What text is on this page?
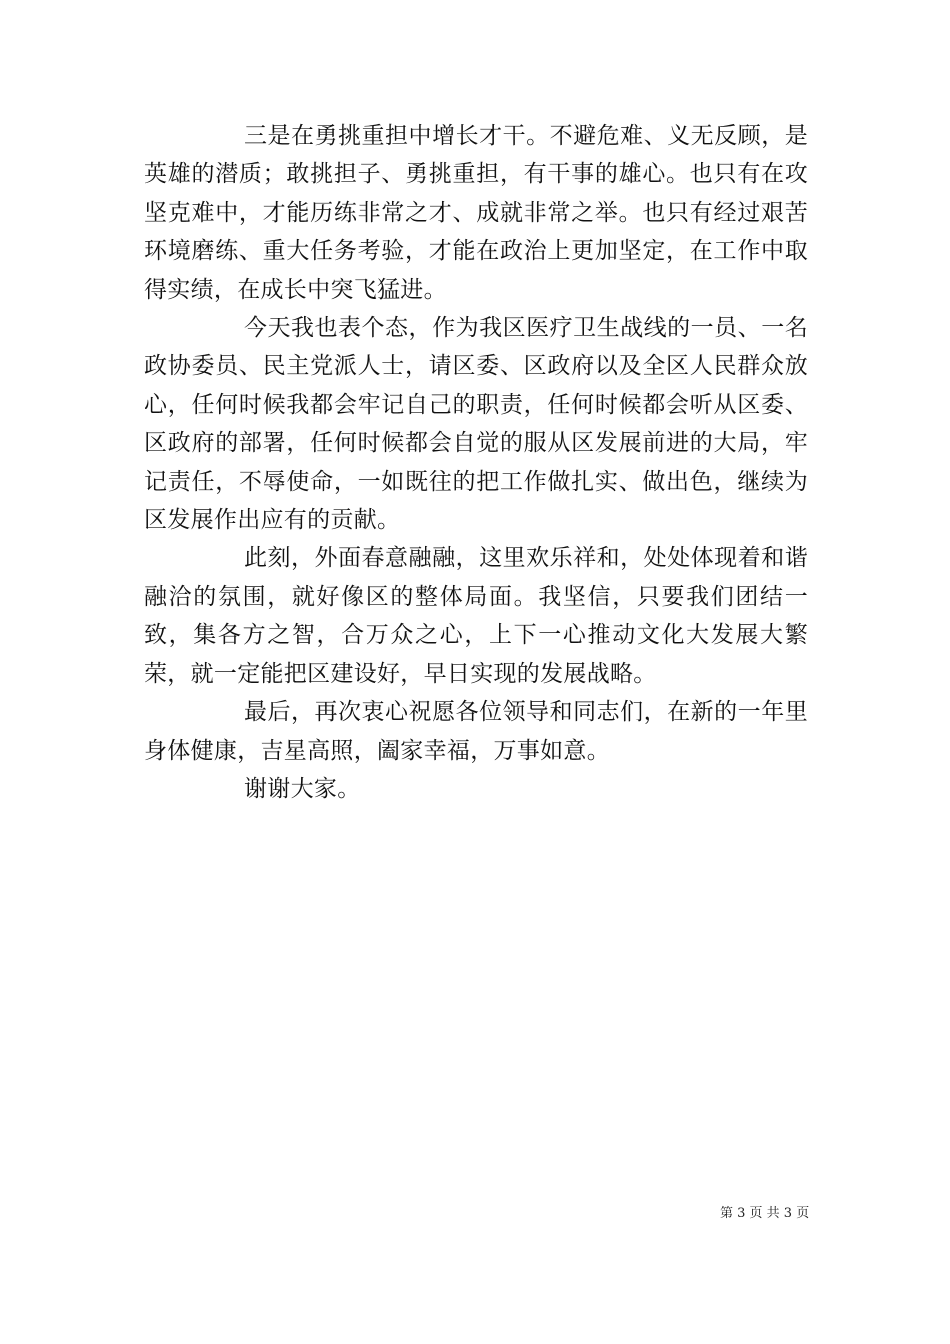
三是在勇挑重担中增长才干。不避危难、义无反顾，是英雄的潜质；敢挑担子、勇挑重担，有干事的雄心。也只有在攻坚克难中，才能历练非常之才、成就非常之举。也只有经过艰苦环境磨练、重大任务考验，才能在政治上更加坚定，在工作中取得实绩，在成长中突飞猛进。

今天我也表个态，作为我区医疗卫生战线的一员、一名政协委员、民主党派人士，请区委、区政府以及全区人民群众放心，任何时候我都会牢记自己的职责，任何时候都会听从区委、区政府的部署，任何时候都会自觉的服从区发展前进的大局，牢记责任，不辱使命，一如既往的把工作做扎实、做出色，继续为区发展作出应有的贡献。

此刻，外面春意融融，这里欢乐祥和，处处体现着和谐融洽的氛围，就好像区的整体局面。我坚信，只要我们团结一致，集各方之智，合万众之心，上下一心推动文化大发展大繁荣，就一定能把区建设好，早日实现的发展战略。

最后，再次衷心祝愿各位领导和同志们，在新的一年里身体健康，吉星高照，阖家幸福，万事如意。

谢谢大家。

第 3 页 共 3 页
